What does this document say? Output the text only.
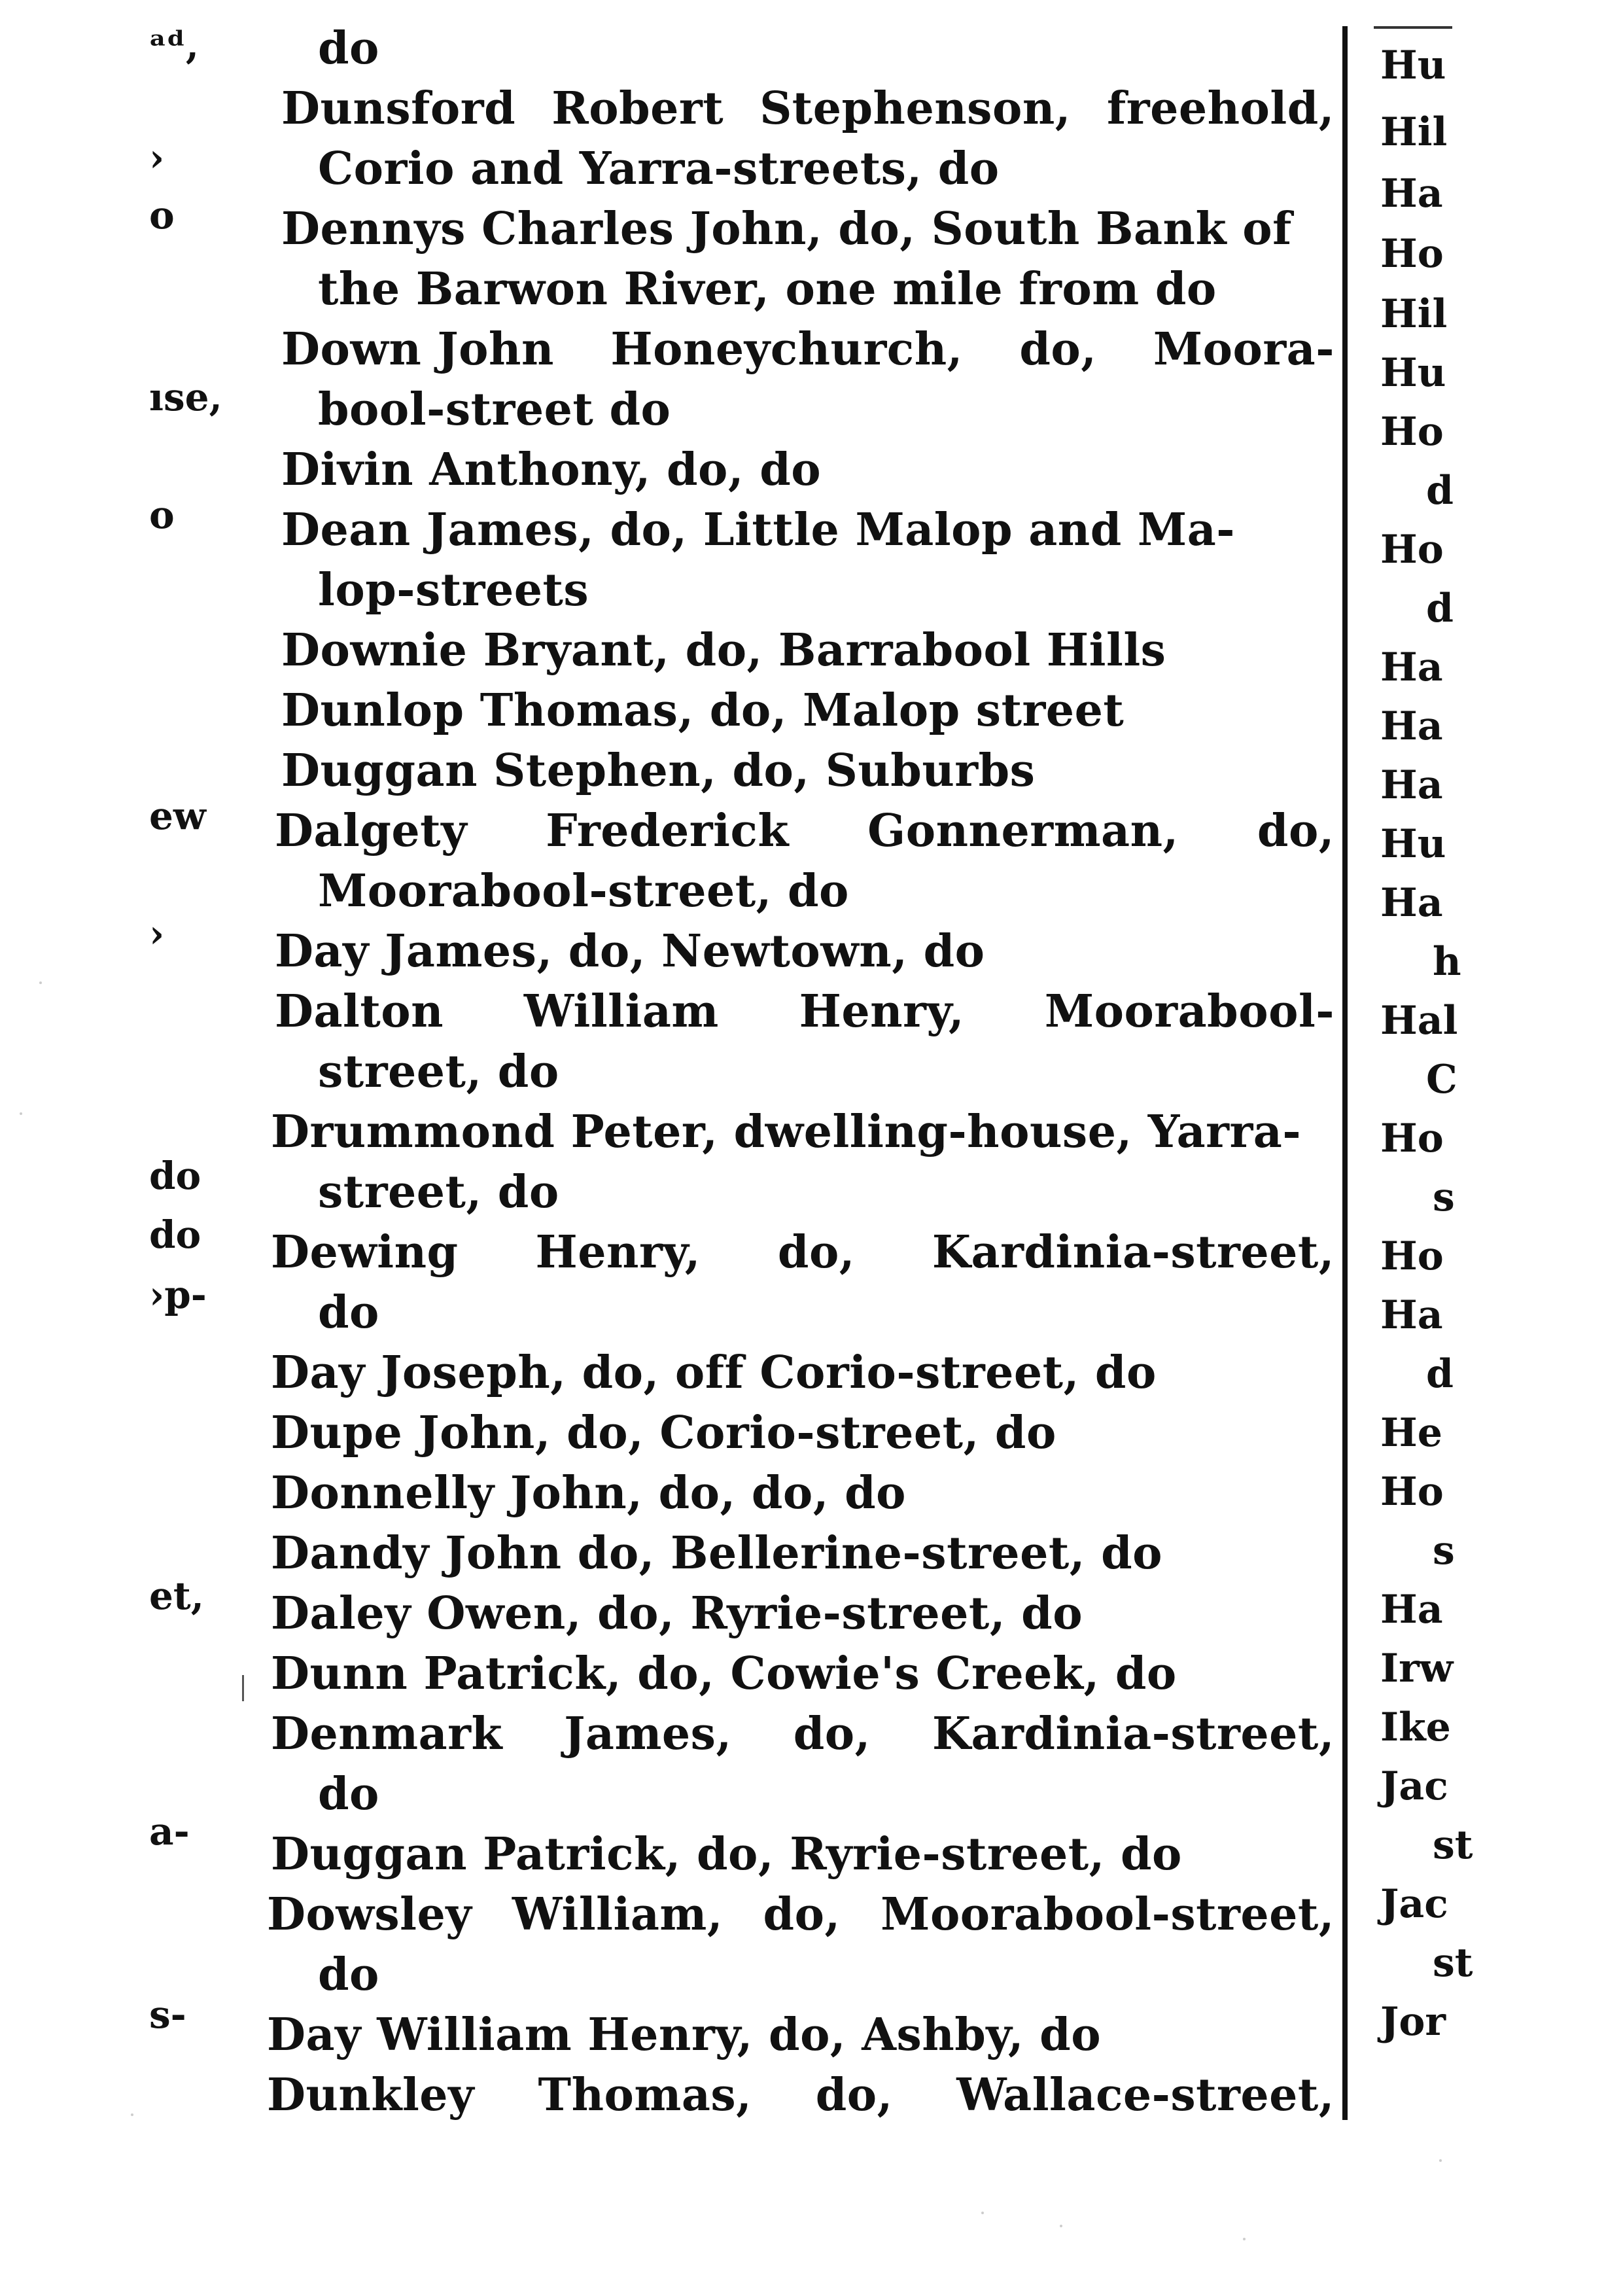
ᵃᵈ,
›
o
ıse,
o
ew
›
do
do
›p-
et,
a-
s-
do
Dunsford Robert Stephenson, freehold,
Corio and Yarra-streets, do
Dennys Charles John, do, South Bank of
the Barwon River, one mile from do
Down John Honeychurch, do, Moora-
bool-street do
Divin Anthony, do, do
Dean James, do, Little Malop and Ma-
lop-streets
Downie Bryant, do, Barrabool Hills
Dunlop Thomas, do, Malop street
Duggan Stephen, do, Suburbs
Dalgety Frederick Gonnerman, do,
Moorabool-street, do
Day James, do, Newtown, do
Dalton William Henry, Moorabool-
street, do
Drummond Peter, dwelling-house, Yarra-
street, do
Dewing Henry, do, Kardinia-street,
do
Day Joseph, do, off Corio-street, do
Dupe John, do, Corio-street, do
Donnelly John, do, do, do
Dandy John do, Bellerine-street, do
Daley Owen, do, Ryrie-street, do
Dunn Patrick, do, Cowie's Creek, do
Denmark James, do, Kardinia-street,
do
Duggan Patrick, do, Ryrie-street, do
Dowsley William, do, Moorabool-street,
do
Day William Henry, do, Ashby, do
Dunkley Thomas, do, Wallace-street,
Hu
Hil
Ha
Ho
Hil
Hu
Ho
d
Ho
d
Ha
Ha
Ha
Hu
Ha
h
Hal
C
Ho
s
Ho
Ha
d
He
Ho
s
Ha
Irw
Ike
Jac
st
Jac
st
Jor
